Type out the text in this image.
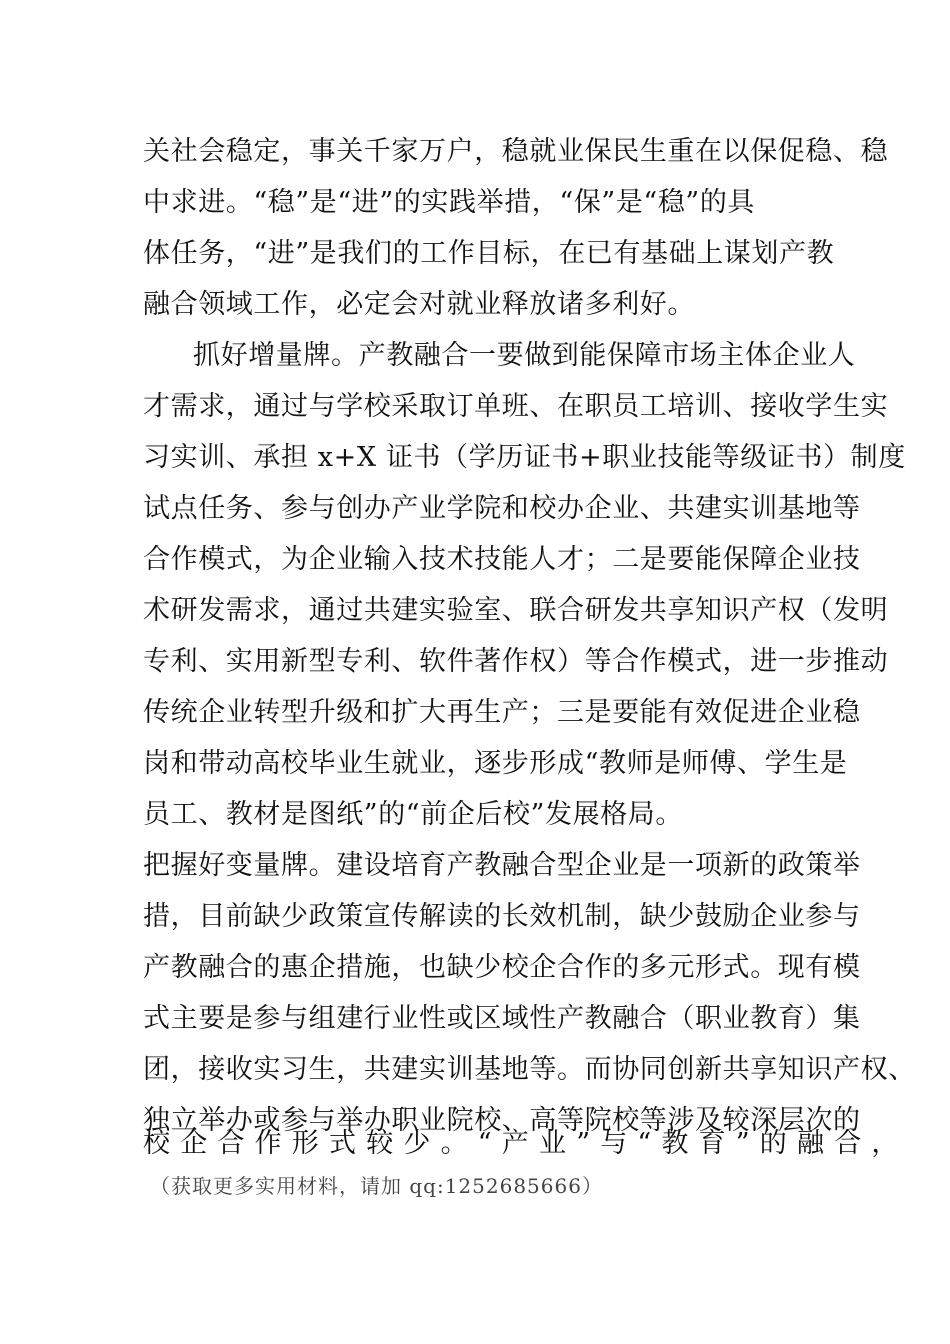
关社会稳定，事关千家万户，稳就业保民生重在以保促稳、稳
中求进。“稳”是“进”的实践举措，“保”是“稳”的具
体任务，“进”是我们的工作目标，在已有基础上谋划产教
融合领域工作，必定会对就业释放诸多利好。
抓好增量牌。产教融合一要做到能保障市场主体企业人
才需求，通过与学校采取订单班、在职员工培训、接收学生实
习实训、承担 x+X 证书（学历证书+职业技能等级证书）制度
试点任务、参与创办产业学院和校办企业、共建实训基地等
合作模式，为企业输入技术技能人才；二是要能保障企业技
术研发需求，通过共建实验室、联合研发共享知识产权（发明
专利、实用新型专利、软件著作权）等合作模式，进一步推动
传统企业转型升级和扩大再生产；三是要能有效促进企业稳
岗和带动高校毕业生就业，逐步形成“教师是师傅、学生是
员工、教材是图纸”的“前企后校”发展格局。
把握好变量牌。建设培育产教融合型企业是一项新的政策举
措，目前缺少政策宣传解读的长效机制，缺少鼓励企业参与
产教融合的惠企措施，也缺少校企合作的多元形式。现有模
式主要是参与组建行业性或区域性产教融合（职业教育）集
团，接收实习生，共建实训基地等。而协同创新共享知识产权、
独立举办或参与举办职业院校、高等院校等涉及较深层次的
校企合作形式较少。“产业”与“教育”的融合，
（获取更多实用材料，请加 qq:1252685666）
